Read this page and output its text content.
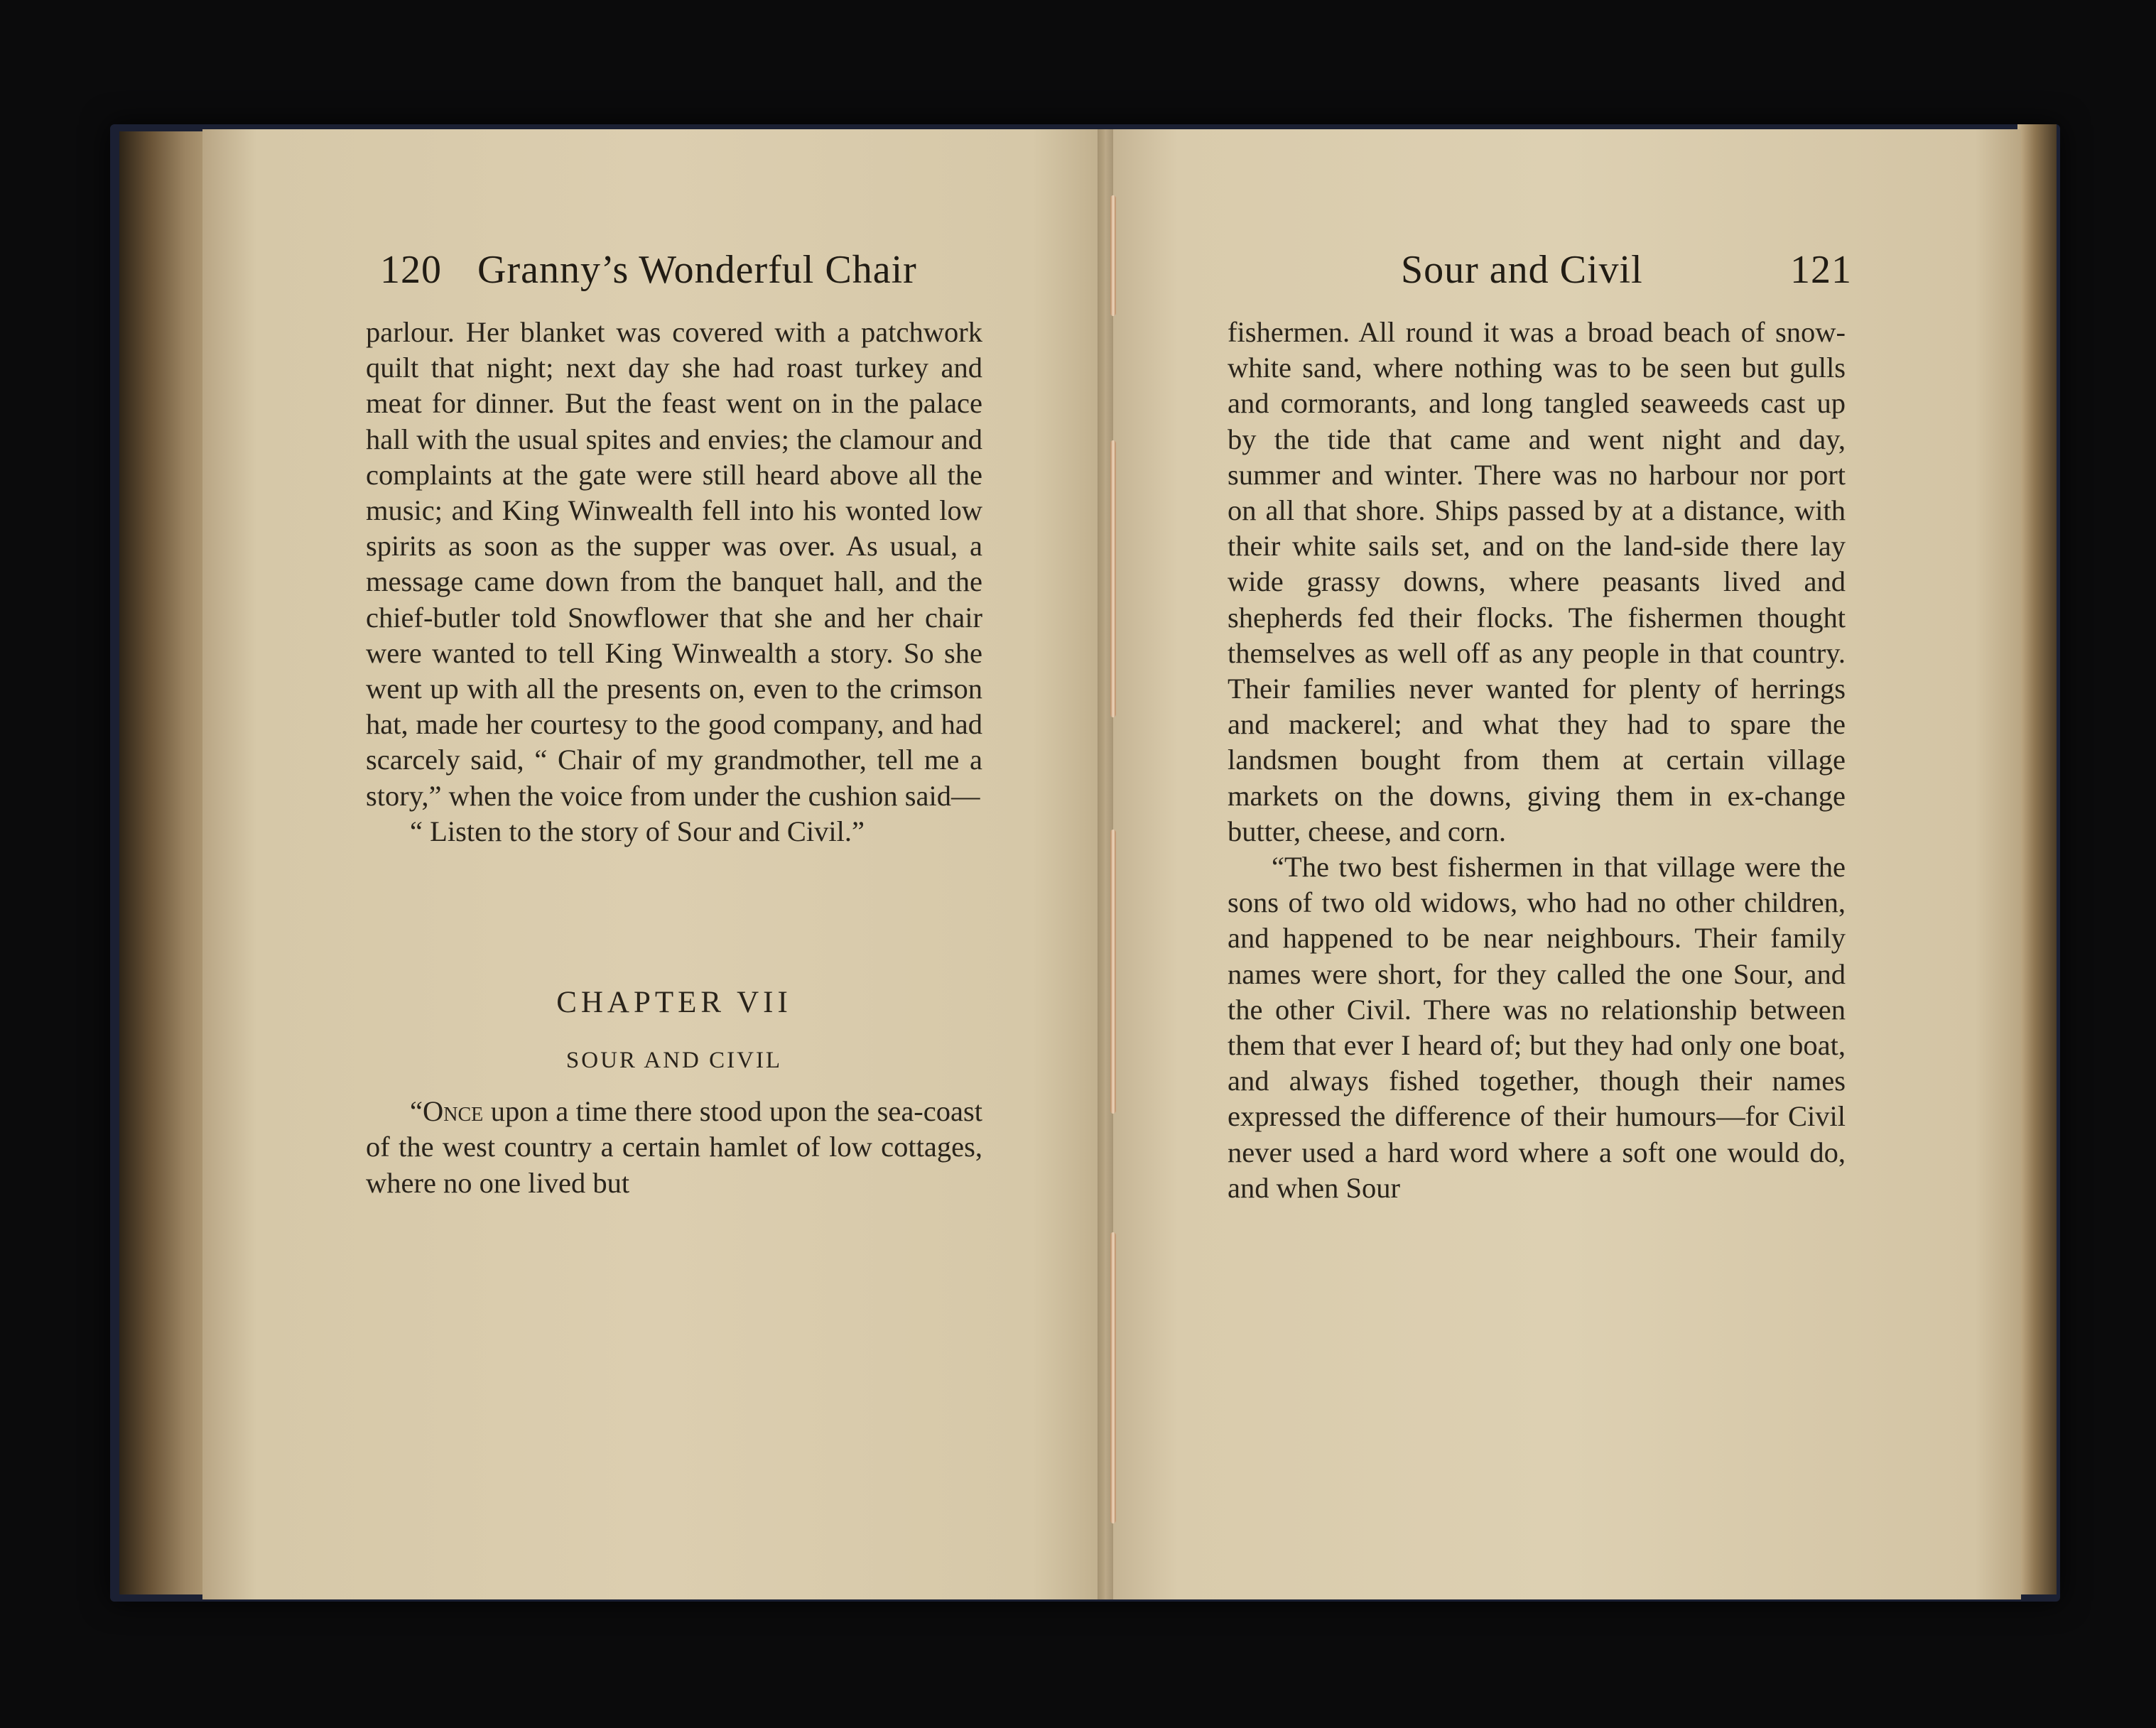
120 Granny’s Wonderful Chair	Sour and Civil	121

parlour. Her blanket was covered with a patchwork quilt that night; next day she had roast turkey and meat for dinner. But the feast went on in the palace hall with the usual spites and envies; the clamour and complaints at the gate were still heard above all the music; and King Winwealth fell into his wonted low spirits as soon as the supper was over. As usual, a message came down from the banquet hall, and the chief-butler told Snowflower that she and her chair were wanted to tell King Winwealth a story. So she went up with all the presents on, even to the crimson hat, made her courtesy to the good company, and had scarcely said, “ Chair of my grandmother, tell me a story,” when the voice from under the cushion said—

“ Listen to the story of Sour and Civil.”

CHAPTER VII

SOUR AND CIVIL

“Once upon a time there stood upon the sea-coast of the west country a certain hamlet of low cottages, where no one lived but

fishermen. All round it was a broad beach of snow-white sand, where nothing was to be seen but gulls and cormorants, and long tangled seaweeds cast up by the tide that came and went night and day, summer and winter. There was no harbour nor port on all that shore. Ships passed by at a distance, with their white sails set, and on the land-side there lay wide grassy downs, where peasants lived and shepherds fed their flocks. The fishermen thought themselves as well off as any people in that country. Their families never wanted for plenty of herrings and mackerel; and what they had to spare the landsmen bought from them at certain village markets on the downs, giving them in ex-change butter, cheese, and corn.

“The two best fishermen in that village were the sons of two old widows, who had no other children, and happened to be near neighbours. Their family names were short, for they called the one Sour, and the other Civil. There was no relationship between them that ever I heard of; but they had only one boat, and always fished together, though their names expressed the difference of their humours—for Civil never used a hard word where a soft one would do, and when Sour
